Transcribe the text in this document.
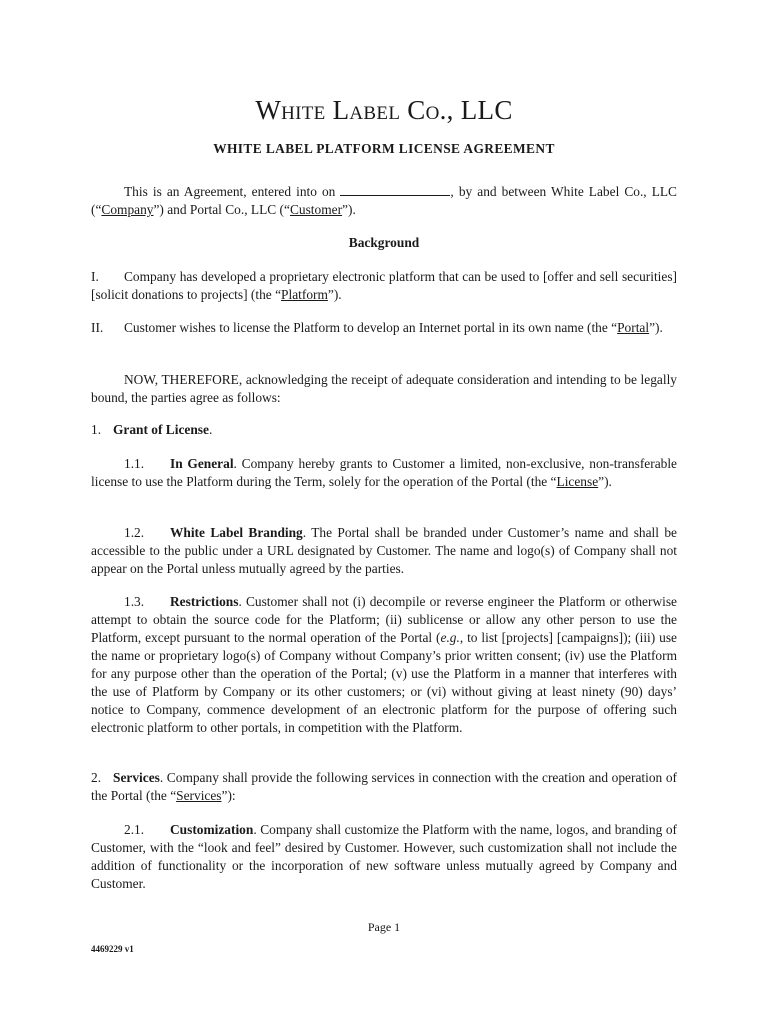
White Label Co., LLC
WHITE LABEL PLATFORM LICENSE AGREEMENT

This is an Agreement, entered into on	, by and between White Label Co., LLC (“Company”) and Portal Co., LLC (“Customer”).

Background

I. Company has developed a proprietary electronic platform that can be used to [offer and sell securities] [solicit donations to projects] (the “Platform”).

II. Customer wishes to license the Platform to develop an Internet portal in its own name (the “Portal”).

NOW, THEREFORE, acknowledging the receipt of adequate consideration and intending to be legally bound, the parties agree as follows:

1. Grant of License.

1.1. In General. Company hereby grants to Customer a limited, non-exclusive, non-transferable license to use the Platform during the Term, solely for the operation of the Portal (the “License”).

1.2. White Label Branding. The Portal shall be branded under Customer’s name and shall be accessible to the public under a URL designated by Customer. The name and logo(s) of Company shall not appear on the Portal unless mutually agreed by the parties.

1.3. Restrictions. Customer shall not (i) decompile or reverse engineer the Platform or otherwise attempt to obtain the source code for the Platform; (ii) sublicense or allow any other person to use the Platform, except pursuant to the normal operation of the Portal (e.g., to list [projects] [campaigns]); (iii) use the name or proprietary logo(s) of Company without Company’s prior written consent; (iv) use the Platform for any purpose other than the operation of the Portal; (v) use the Platform in a manner that interferes with the use of Platform by Company or its other customers; or (vi) without giving at least ninety (90) days’ notice to Company, commence development of an electronic platform for the purpose of offering such electronic platform to other portals, in competition with the Platform.

2. Services. Company shall provide the following services in connection with the creation and operation of the Portal (the “Services”):

2.1. Customization. Company shall customize the Platform with the name, logos, and branding of Customer, with the “look and feel” desired by Customer. However, such customization shall not include the addition of functionality or the incorporation of new software unless mutually agreed by Company and Customer.

Page 1
4469229 v1
